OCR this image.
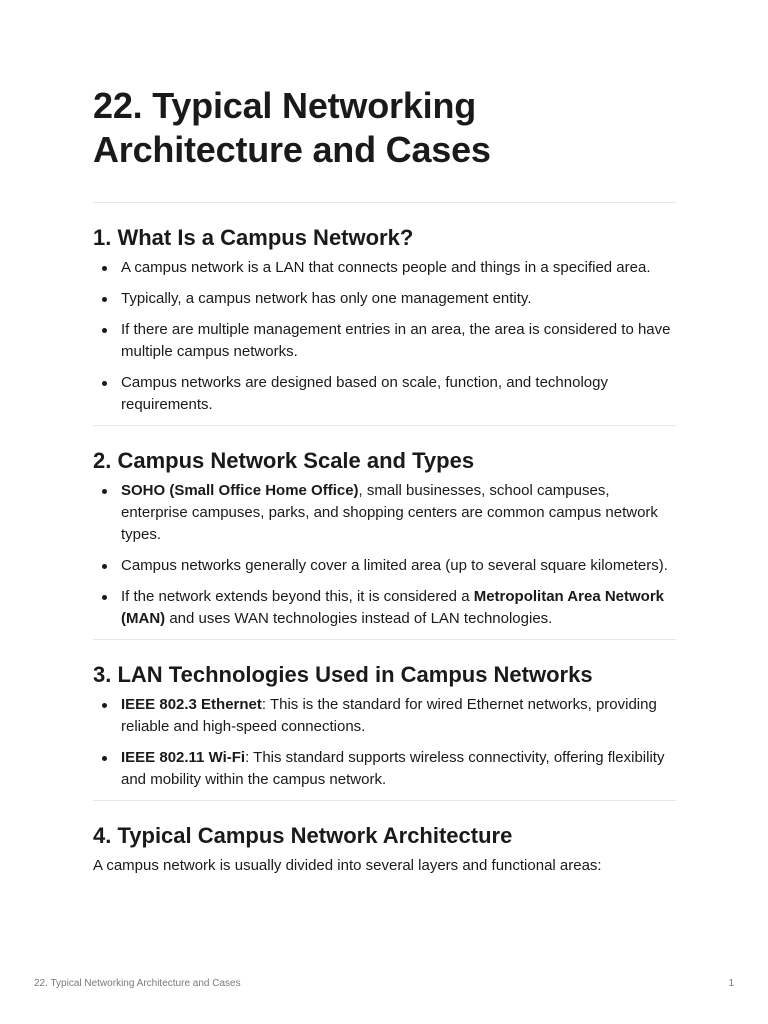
22. Typical Networking Architecture and Cases
1. What Is a Campus Network?
A campus network is a LAN that connects people and things in a specified area.
Typically, a campus network has only one management entity.
If there are multiple management entries in an area, the area is considered to have multiple campus networks.
Campus networks are designed based on scale, function, and technology requirements.
2. Campus Network Scale and Types
SOHO (Small Office Home Office), small businesses, school campuses, enterprise campuses, parks, and shopping centers are common campus network types.
Campus networks generally cover a limited area (up to several square kilometers).
If the network extends beyond this, it is considered a Metropolitan Area Network (MAN) and uses WAN technologies instead of LAN technologies.
3. LAN Technologies Used in Campus Networks
IEEE 802.3 Ethernet: This is the standard for wired Ethernet networks, providing reliable and high-speed connections.
IEEE 802.11 Wi-Fi: This standard supports wireless connectivity, offering flexibility and mobility within the campus network.
4. Typical Campus Network Architecture

A campus network is usually divided into several layers and functional areas:

22. Typical Networking Architecture and Cases	1
